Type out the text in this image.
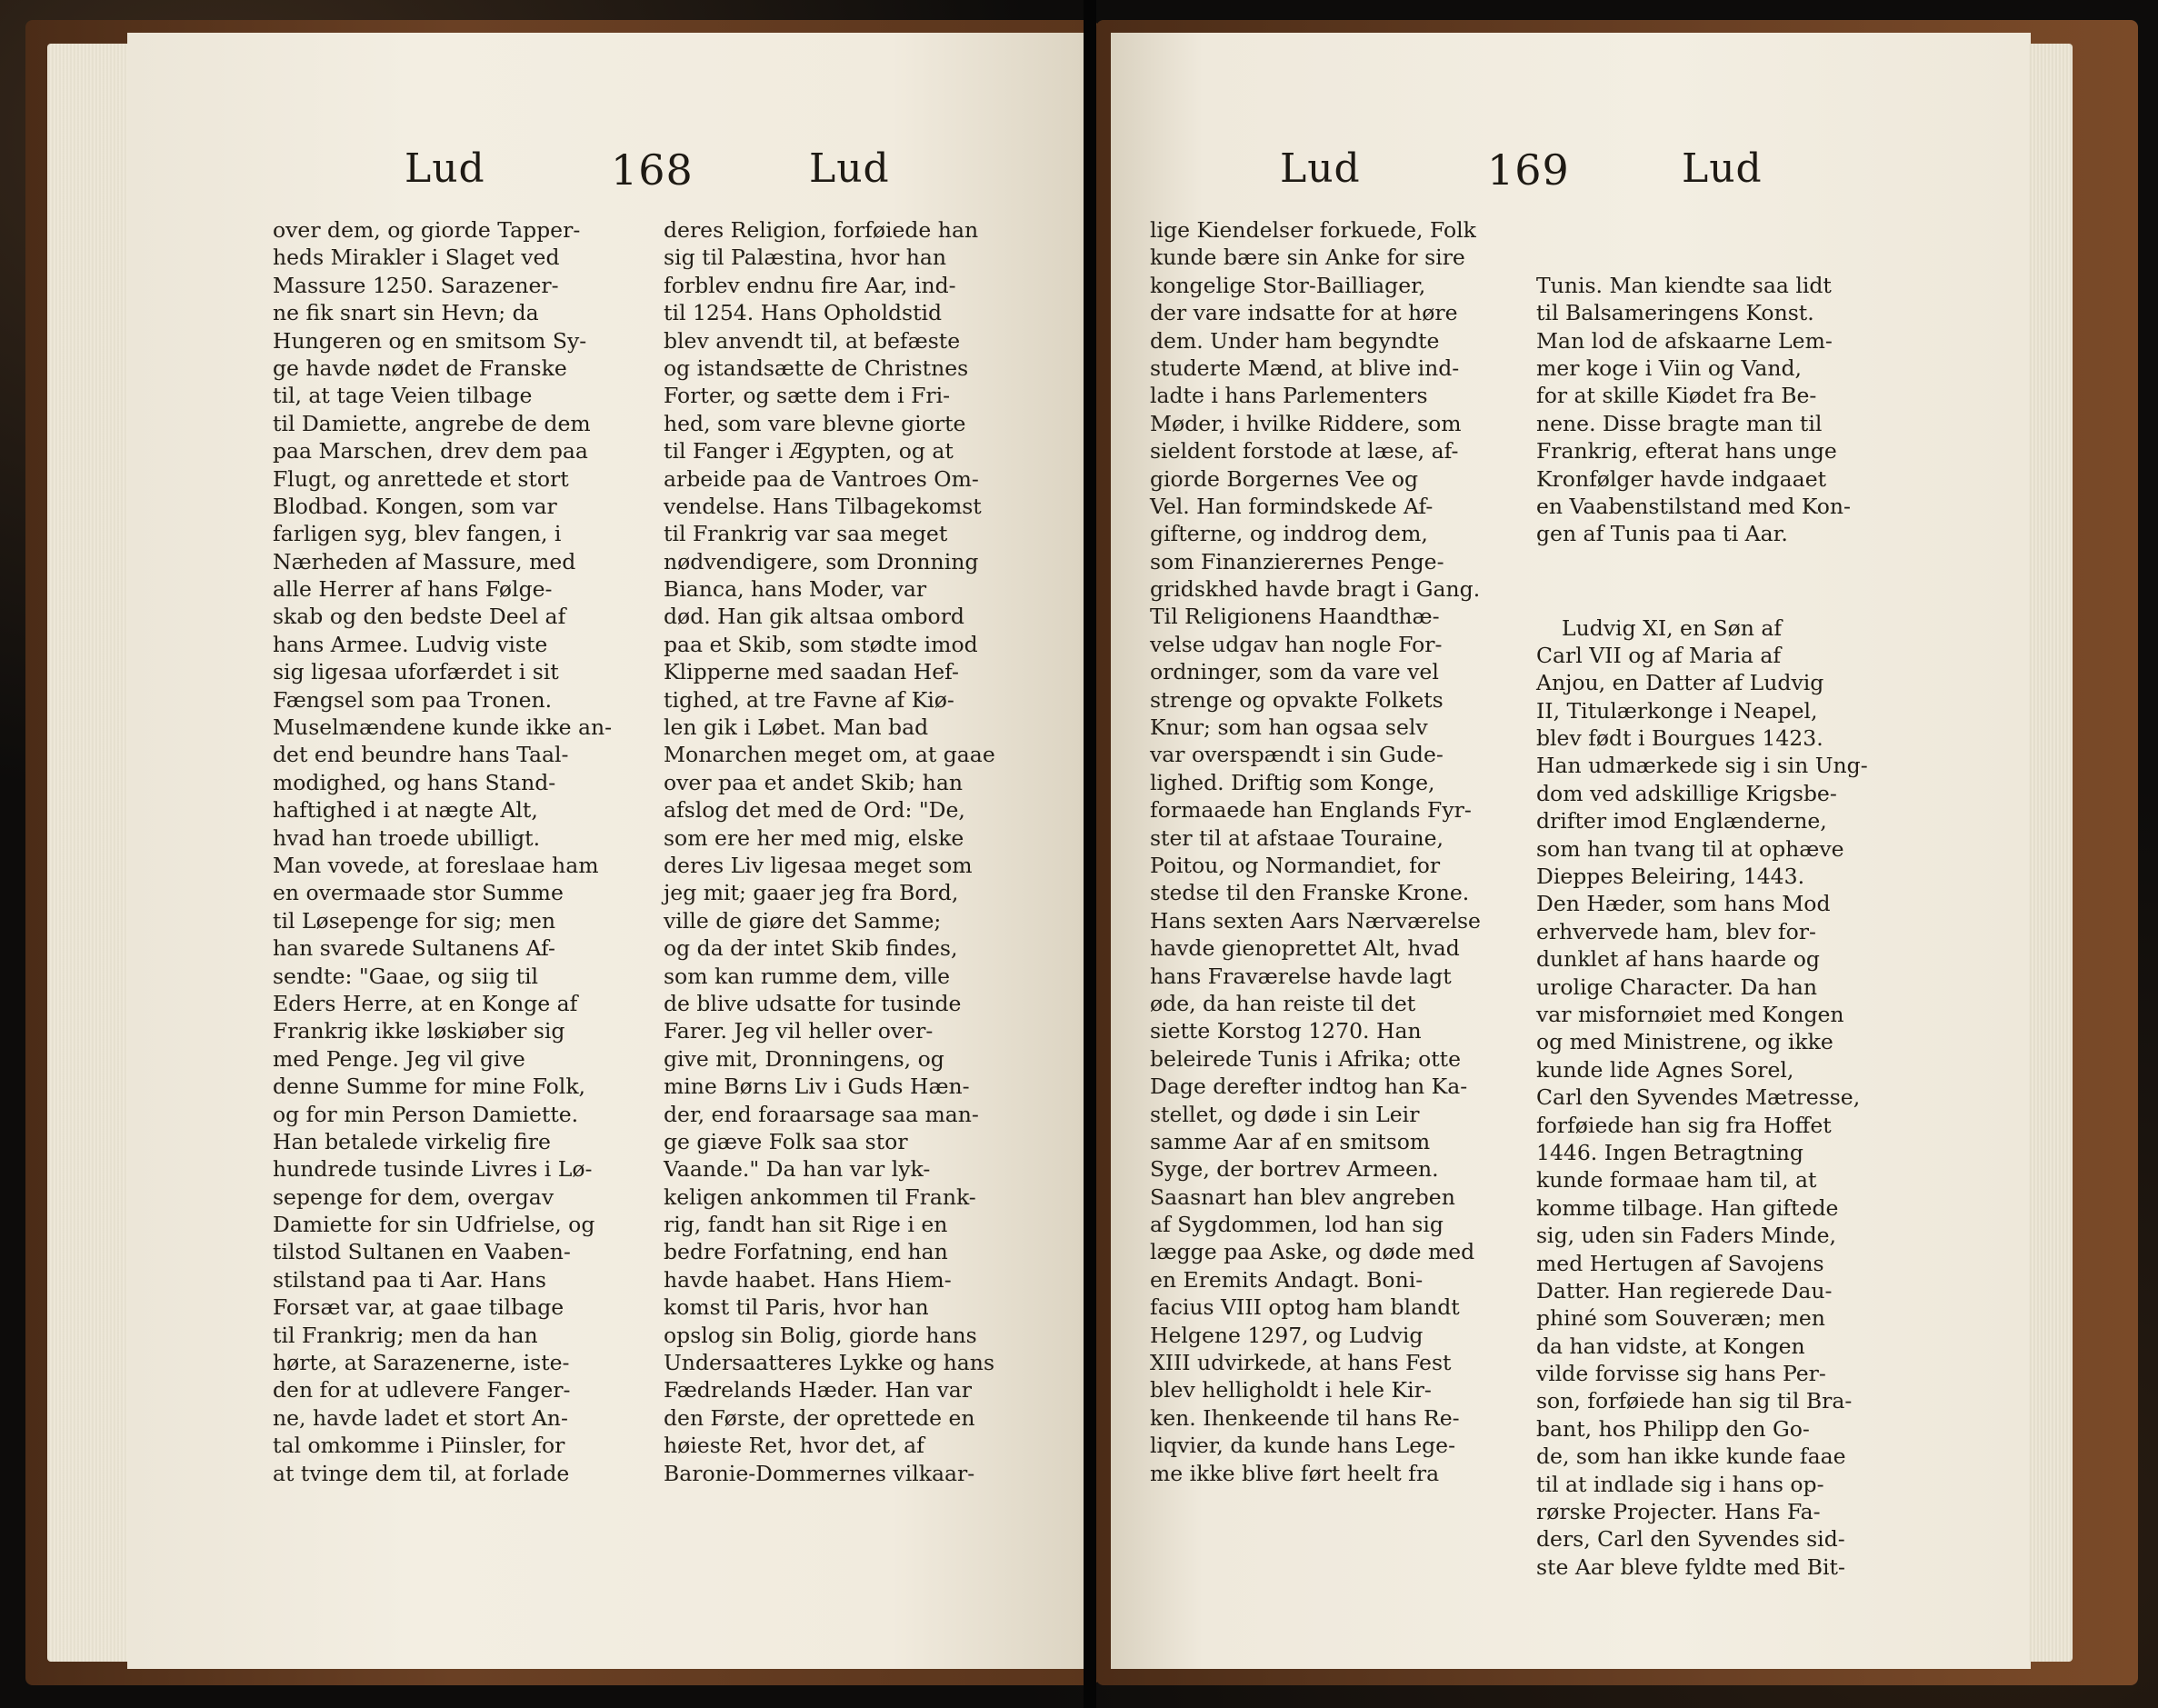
Lud	168	Lud	Lud	169	Lud
over dem, og giorde Tapper-
heds Mirakler i Slaget ved
Massure 1250. Sarazener-
ne fik snart sin Hevn; da
Hungeren og en smitsom Sy-
ge havde nødet de Franske
til, at tage Veien tilbage
til Damiette, angrebe de dem
paa Marschen, drev dem paa
Flugt, og anrettede et stort
Blodbad. Kongen, som var
farligen syg, blev fangen, i
Nærheden af Massure, med
alle Herrer af hans Følge-
skab og den bedste Deel af
hans Armee. Ludvig viste
sig ligesaa uforfærdet i sit
Fængsel som paa Tronen.
Muselmændene kunde ikke an-
det end beundre hans Taal-
modighed, og hans Stand-
haftighed i at nægte Alt,
hvad han troede ubilligt.
Man vovede, at foreslaae ham
en overmaade stor Summe
til Løsepenge for sig; men
han svarede Sultanens Af-
sendte: "Gaae, og siig til
Eders Herre, at en Konge af
Frankrig ikke løskiøber sig
med Penge. Jeg vil give
denne Summe for mine Folk,
og for min Person Damiette.
Han betalede virkelig fire
hundrede tusinde Livres i Lø-
sepenge for dem, overgav
Damiette for sin Udfrielse, og
tilstod Sultanen en Vaaben-
stilstand paa ti Aar. Hans
Forsæt var, at gaae tilbage
til Frankrig; men da han
hørte, at Sarazenerne, iste-
den for at udlevere Fanger-
ne, havde ladet et stort An-
tal omkomme i Piinsler, for
at tvinge dem til, at forlade
deres Religion, forføiede han
sig til Palæstina, hvor han
forblev endnu fire Aar, ind-
til 1254. Hans Opholdstid
blev anvendt til, at befæste
og istandsætte de Christnes
Forter, og sætte dem i Fri-
hed, som vare blevne giorte
til Fanger i Ægypten, og at
arbeide paa de Vantroes Om-
vendelse. Hans Tilbagekomst
til Frankrig var saa meget
nødvendigere, som Dronning
Bianca, hans Moder, var
død. Han gik altsaa ombord
paa et Skib, som stødte imod
Klipperne med saadan Hef-
tighed, at tre Favne af Kiø-
len gik i Løbet. Man bad
Monarchen meget om, at gaae
over paa et andet Skib; han
afslog det med de Ord: "De,
som ere her med mig, elske
deres Liv ligesaa meget som
jeg mit; gaaer jeg fra Bord,
ville de giøre det Samme;
og da der intet Skib findes,
som kan rumme dem, ville
de blive udsatte for tusinde
Farer. Jeg vil heller over-
give mit, Dronningens, og
mine Børns Liv i Guds Hæn-
der, end foraarsage saa man-
ge giæve Folk saa stor
Vaande." Da han var lyk-
keligen ankommen til Frank-
rig, fandt han sit Rige i en
bedre Forfatning, end han
havde haabet. Hans Hiem-
komst til Paris, hvor han
opslog sin Bolig, giorde hans
Undersaatteres Lykke og hans
Fædrelands Hæder. Han var
den Første, der oprettede en
høieste Ret, hvor det, af
Baronie-Dommernes vilkaar-
lige Kiendelser forkuede, Folk
kunde bære sin Anke for sire
kongelige Stor-Bailliager,
der vare indsatte for at høre
dem. Under ham begyndte
studerte Mænd, at blive ind-
ladte i hans Parlementers
Møder, i hvilke Riddere, som
sieldent forstode at læse, af-
giorde Borgernes Vee og
Vel. Han formindskede Af-
gifterne, og inddrog dem,
som Finanzierernes Penge-
gridskhed havde bragt i Gang.
Til Religionens Haandthæ-
velse udgav han nogle For-
ordninger, som da vare vel
strenge og opvakte Folkets
Knur; som han ogsaa selv
var overspændt i sin Gude-
lighed. Driftig som Konge,
formaaede han Englands Fyr-
ster til at afstaae Touraine,
Poitou, og Normandiet, for
stedse til den Franske Krone.
Hans sexten Aars Nærværelse
havde gienoprettet Alt, hvad
hans Fraværelse havde lagt
øde, da han reiste til det
siette Korstog 1270. Han
beleirede Tunis i Afrika; otte
Dage derefter indtog han Ka-
stellet, og døde i sin Leir
samme Aar af en smitsom
Syge, der bortrev Armeen.
Saasnart han blev angreben
af Sygdommen, lod han sig
lægge paa Aske, og døde med
en Eremits Andagt. Boni-
facius VIII optog ham blandt
Helgene 1297, og Ludvig
XIII udvirkede, at hans Fest
blev helligholdt i hele Kir-
ken. Ihenkeende til hans Re-
liqvier, da kunde hans Lege-
me ikke blive ført heelt fra

Tunis. Man kiendte saa lidt
til Balsameringens Konst.
Man lod de afskaarne Lem-
mer koge i Viin og Vand,
for at skille Kiødet fra Be-
nene. Disse bragte man til
Frankrig, efterat hans unge
Kronfølger havde indgaaet
en Vaabenstilstand med Kon-
gen af Tunis paa ti Aar.

Ludvig XI, en Søn af
Carl VII og af Maria af
Anjou, en Datter af Ludvig
II, Titulærkonge i Neapel,
blev født i Bourgues 1423.
Han udmærkede sig i sin Ung-
dom ved adskillige Krigsbe-
drifter imod Englænderne,
som han tvang til at ophæve
Dieppes Beleiring, 1443.
Den Hæder, som hans Mod
erhvervede ham, blev for-
dunklet af hans haarde og
urolige Character. Da han
var misfornøiet med Kongen
og med Ministrene, og ikke
kunde lide Agnes Sorel,
Carl den Syvendes Mætresse,
forføiede han sig fra Hoffet
1446. Ingen Betragtning
kunde formaae ham til, at
komme tilbage. Han giftede
sig, uden sin Faders Minde,
med Hertugen af Savojens
Datter. Han regierede Dau-
phiné som Souveræn; men
da han vidste, at Kongen
vilde forvisse sig hans Per-
son, forføiede han sig til Bra-
bant, hos Philipp den Go-
de, som han ikke kunde faae
til at indlade sig i hans op-
rørske Projecter. Hans Fa-
ders, Carl den Syvendes sid-
ste Aar bleve fyldte med Bit-
